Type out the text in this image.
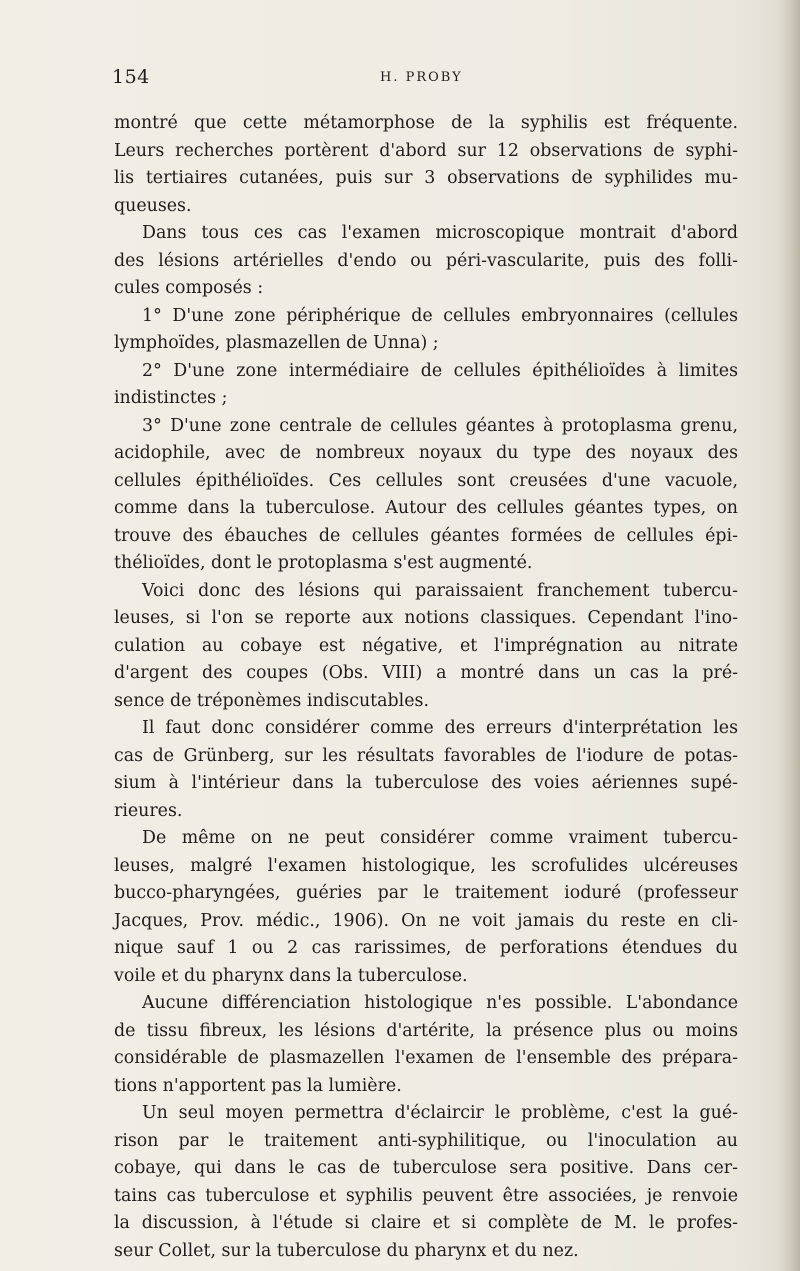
154	H. PROBY
montré que cette métamorphose de la syphilis est fréquente.
Leurs recherches portèrent d'abord sur 12 observations de syphi-
lis tertiaires cutanées, puis sur 3 observations de syphilides mu-
queuses.
Dans tous ces cas l'examen microscopique montrait d'abord
des lésions artérielles d'endo ou péri-vascularite, puis des folli-
cules composés :
1° D'une zone périphérique de cellules embryonnaires (cellules
lymphoïdes, plasmazellen de Unna) ;
2° D'une zone intermédiaire de cellules épithélioïdes à limites
indistinctes ;
3° D'une zone centrale de cellules géantes à protoplasma grenu,
acidophile, avec de nombreux noyaux du type des noyaux des
cellules épithélioïdes. Ces cellules sont creusées d'une vacuole,
comme dans la tuberculose. Autour des cellules géantes types, on
trouve des ébauches de cellules géantes formées de cellules épi-
thélioïdes, dont le protoplasma s'est augmenté.
Voici donc des lésions qui paraissaient franchement tubercu-
leuses, si l'on se reporte aux notions classiques. Cependant l'ino-
culation au cobaye est négative, et l'imprégnation au nitrate
d'argent des coupes (Obs. VIII) a montré dans un cas la pré-
sence de tréponèmes indiscutables.
Il faut donc considérer comme des erreurs d'interprétation les
cas de Grünberg, sur les résultats favorables de l'iodure de potas-
sium à l'intérieur dans la tuberculose des voies aériennes supé-
rieures.
De même on ne peut considérer comme vraiment tubercu-
leuses, malgré l'examen histologique, les scrofulides ulcéreuses
bucco-pharyngées, guéries par le traitement ioduré (professeur
Jacques, Prov. médic., 1906). On ne voit jamais du reste en cli-
nique sauf 1 ou 2 cas rarissimes, de perforations étendues du
voile et du pharynx dans la tuberculose.
Aucune différenciation histologique n'es possible. L'abondance
de tissu fibreux, les lésions d'artérite, la présence plus ou moins
considérable de plasmazellen l'examen de l'ensemble des prépara-
tions n'apportent pas la lumière.
Un seul moyen permettra d'éclaircir le problème, c'est la gué-
rison par le traitement anti-syphilitique, ou l'inoculation au
cobaye, qui dans le cas de tuberculose sera positive. Dans cer-
tains cas tuberculose et syphilis peuvent être associées, je renvoie
la discussion, à l'étude si claire et si complète de M. le profes-
seur Collet, sur la tuberculose du pharynx et du nez.
